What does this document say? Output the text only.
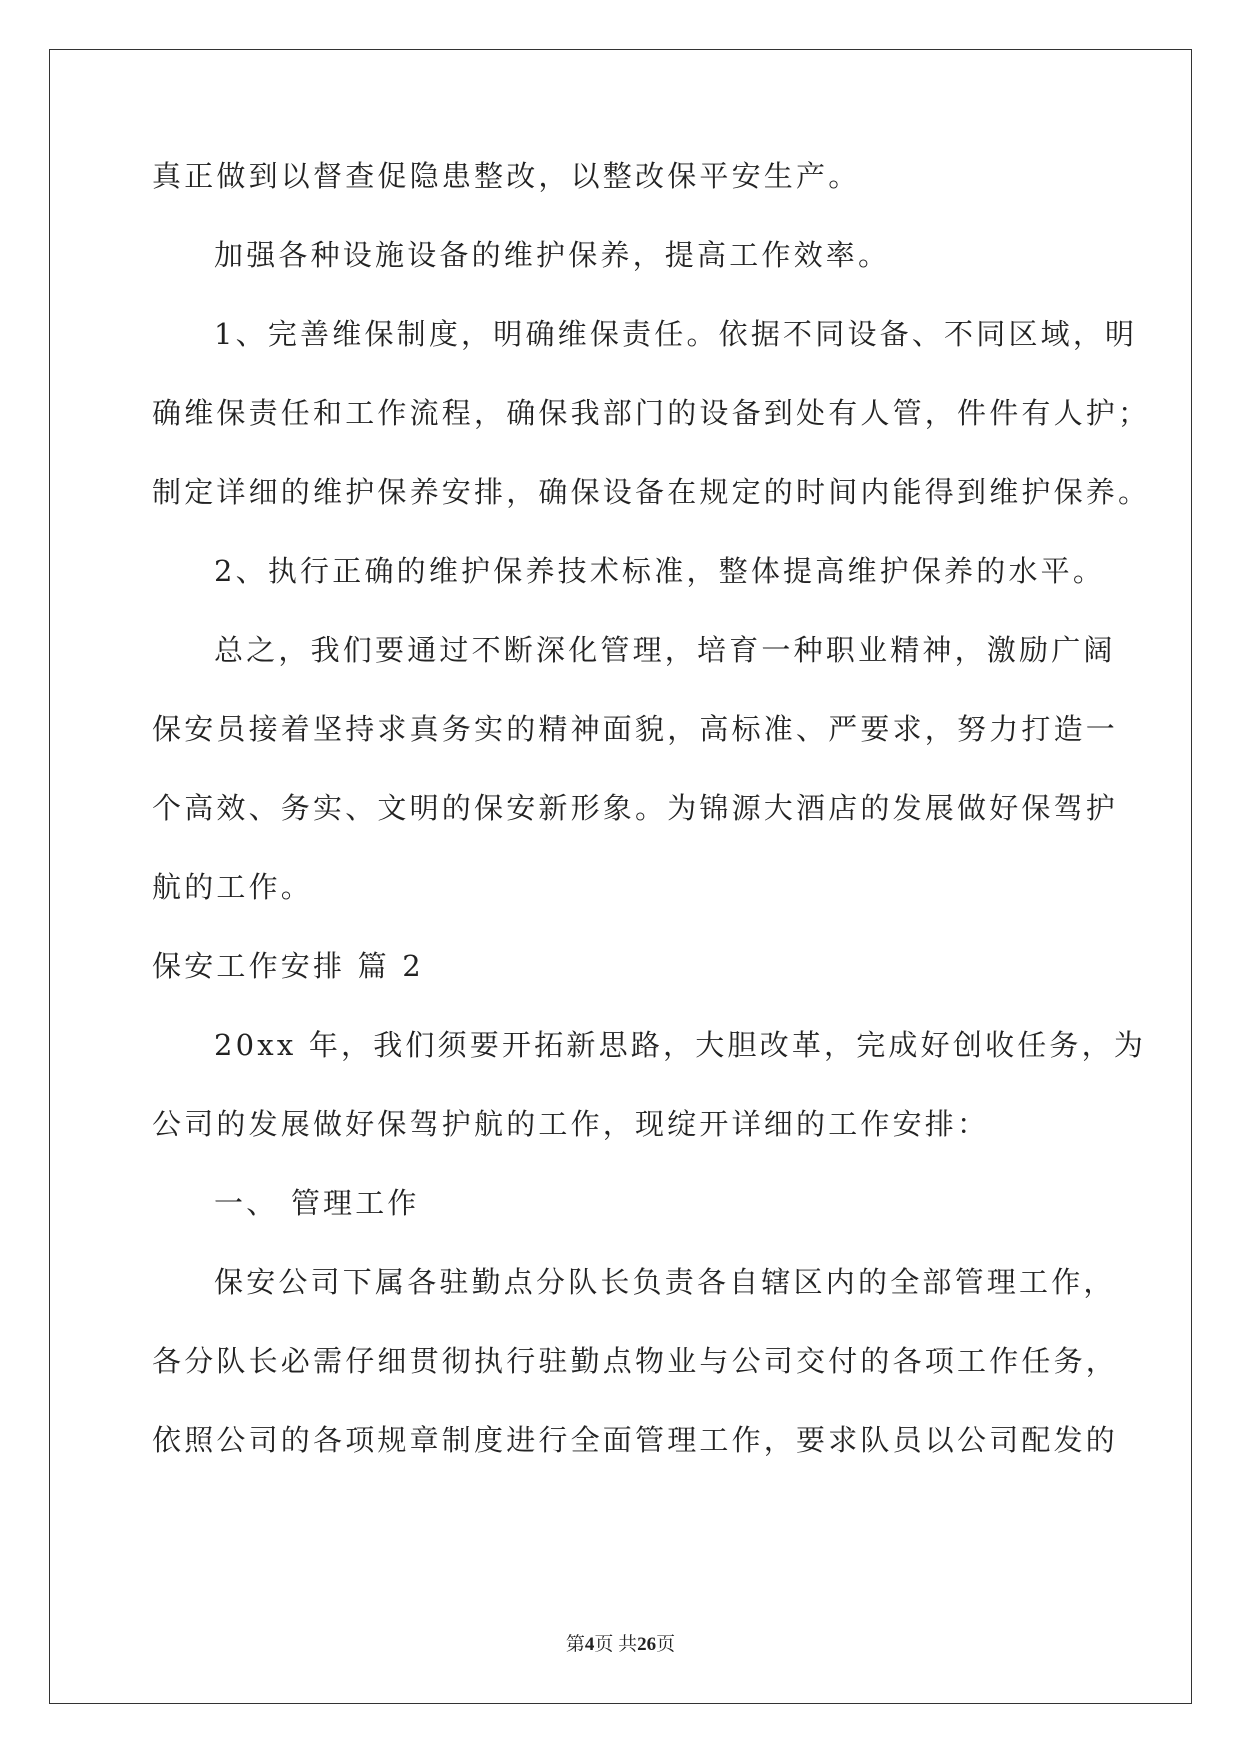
真正做到以督查促隐患整改，以整改保平安生产。
加强各种设施设备的维护保养，提高工作效率。
1、完善维保制度，明确维保责任。依据不同设备、不同区域，明
确维保责任和工作流程，确保我部门的设备到处有人管，件件有人护；
制定详细的维护保养安排，确保设备在规定的时间内能得到维护保养。
2、执行正确的维护保养技术标准，整体提高维护保养的水平。
总之，我们要通过不断深化管理，培育一种职业精神，激励广阔
保安员接着坚持求真务实的精神面貌，高标准、严要求，努力打造一
个高效、务实、文明的保安新形象。为锦源大酒店的发展做好保驾护
航的工作。
保安工作安排 篇 2
20xx 年，我们须要开拓新思路，大胆改革，完成好创收任务，为
公司的发展做好保驾护航的工作，现绽开详细的工作安排：
一、 管理工作
保安公司下属各驻勤点分队长负责各自辖区内的全部管理工作，
各分队长必需仔细贯彻执行驻勤点物业与公司交付的各项工作任务，
依照公司的各项规章制度进行全面管理工作，要求队员以公司配发的
第4页 共26页
